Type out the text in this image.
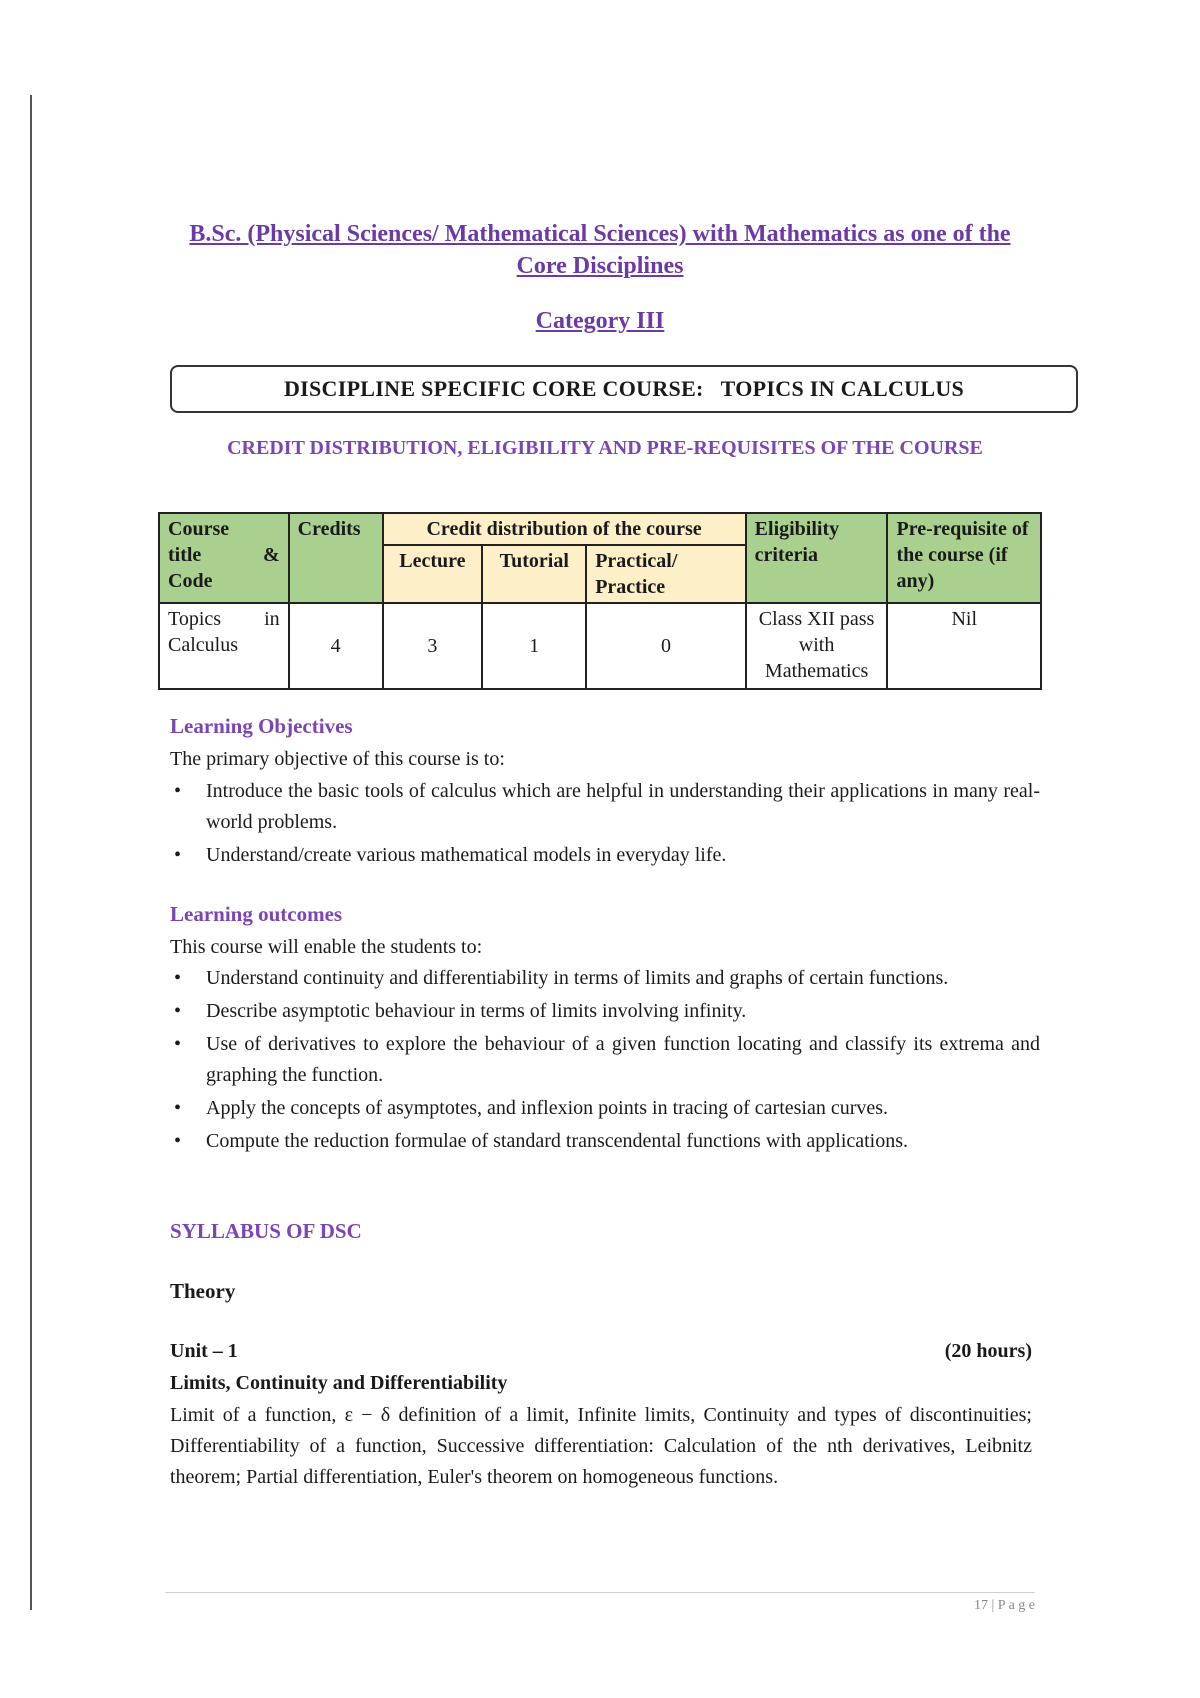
B.Sc. (Physical Sciences/ Mathematical Sciences) with Mathematics as one of the Core Disciplines
Category III
DISCIPLINE SPECIFIC CORE COURSE:   TOPICS IN CALCULUS
CREDIT DISTRIBUTION, ELIGIBILITY AND PRE-REQUISITES OF THE COURSE
Course
title &
Code	Credits	Credit distribution of the course			Eligibility criteria	Pre-requisite of the course (if any)
		Lecture	Tutorial	Practical/ Practice		

Topics in
Calculus	4	3	1	0	Class XII pass with Mathematics	Nil
Learning Objectives
The primary objective of this course is to:
• Introduce the basic tools of calculus which are helpful in understanding their applications in many real-world problems.
• Understand/create various mathematical models in everyday life.
Learning outcomes
This course will enable the students to:
• Understand continuity and differentiability in terms of limits and graphs of certain functions.
• Describe asymptotic behaviour in terms of limits involving infinity.
• Use of derivatives to explore the behaviour of a given function locating and classify its extrema and graphing the function.
• Apply the concepts of asymptotes, and inflexion points in tracing of cartesian curves.
• Compute the reduction formulae of standard transcendental functions with applications.
SYLLABUS OF DSC
Theory
Unit – 1	(20 hours)
Limits, Continuity and Differentiability
Limit of a function, ε − δ definition of a limit, Infinite limits, Continuity and types of discontinuities; Differentiability of a function, Successive differentiation: Calculation of the nth derivatives, Leibnitz theorem; Partial differentiation, Euler's theorem on homogeneous functions.
17 | P a g e
